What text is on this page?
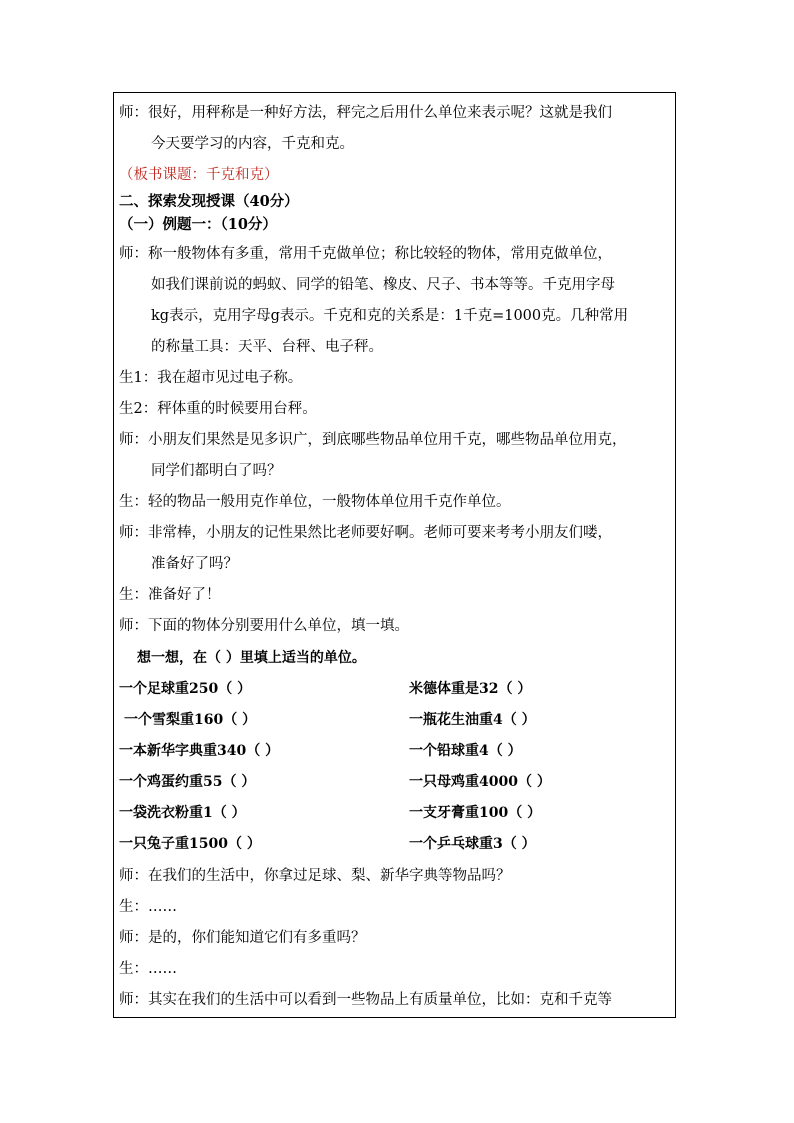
师：很好，用秤称是一种好方法，秤完之后用什么单位来表示呢？这就是我们
今天要学习的内容，千克和克。
（板书课题：千克和克）
二、探索发现授课（40分）
（一）例题一：（10分）
师：称一般物体有多重，常用千克做单位；称比较轻的物体，常用克做单位，
如我们课前说的蚂蚁、同学的铅笔、橡皮、尺子、书本等等。千克用字母
kg表示，克用字母g表示。千克和克的关系是：1千克=1000克。几种常用
的称量工具：天平、台秤、电子秤。
生1：我在超市见过电子称。
生2：秤体重的时候要用台秤。
师：小朋友们果然是见多识广，到底哪些物品单位用千克，哪些物品单位用克，
同学们都明白了吗？
生：轻的物品一般用克作单位，一般物体单位用千克作单位。
师：非常棒，小朋友的记性果然比老师要好啊。老师可要来考考小朋友们喽，
准备好了吗？
生：准备好了！
师：下面的物体分别要用什么单位，填一填。
想一想，在（ ）里填上适当的单位。
一个足球重250（ ）
一个雪梨重160（ ）
一本新华字典重340（ ）
一个鸡蛋约重55（ ）
一袋洗衣粉重1（ ）
一只兔子重1500（ ）
米德体重是32（ ）
一瓶花生油重4（ ）
一个铅球重4（ ）
一只母鸡重4000（ ）
一支牙膏重100（ ）
一个乒乓球重3（ ）
师：在我们的生活中，你拿过足球、梨、新华字典等物品吗？
生：……
师：是的，你们能知道它们有多重吗？
生：……
师：其实在我们的生活中可以看到一些物品上有质量单位，比如：克和千克等
